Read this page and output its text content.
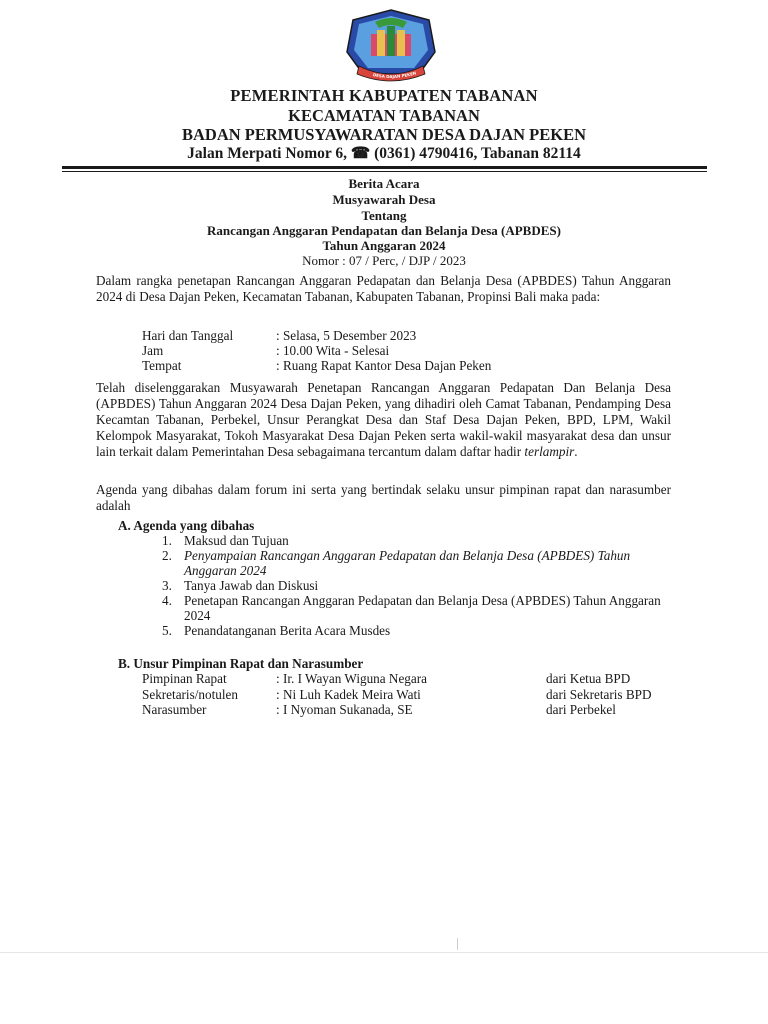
DESA DAJAN PEKEN
PEMERINTAH KABUPATEN TABANAN
KECAMATAN TABANAN
BADAN PERMUSYAWARATAN DESA DAJAN PEKEN
Jalan Merpati Nomor 6, ☎ (0361) 4790416, Tabanan 82114
Berita Acara
Musyawarah Desa
Tentang
Rancangan Anggaran Pendapatan dan Belanja Desa (APBDES)
Tahun Anggaran 2024
Nomor : 07 / Perc, / DJP / 2023
Dalam rangka penetapan Rancangan Anggaran Pedapatan dan Belanja Desa (APBDES) Tahun Anggaran 2024 di Desa Dajan Peken, Kecamatan Tabanan, Kabupaten Tabanan, Propinsi Bali maka pada:
Hari dan Tanggal	: Selasa, 5 Desember 2023
Jam	: 10.00 Wita - Selesai
Tempat	: Ruang Rapat Kantor Desa Dajan Peken
Telah diselenggarakan Musyawarah Penetapan Rancangan Anggaran Pedapatan Dan Belanja Desa (APBDES) Tahun Anggaran 2024 Desa Dajan Peken, yang dihadiri oleh Camat Tabanan, Pendamping Desa Kecamtan Tabanan, Perbekel, Unsur Perangkat Desa dan Staf Desa Dajan Peken, BPD, LPM, Wakil Kelompok Masyarakat, Tokoh Masyarakat Desa Dajan Peken serta wakil-wakil masyarakat desa dan unsur lain terkait dalam Pemerintahan Desa sebagaimana tercantum dalam daftar hadir terlampir.
Agenda yang dibahas dalam forum ini serta yang bertindak selaku unsur pimpinan rapat dan narasumber adalah
A. Agenda yang dibahas
1. Maksud dan Tujuan
2. Penyampaian Rancangan Anggaran Pedapatan dan Belanja Desa (APBDES) Tahun Anggaran 2024
3. Tanya Jawab dan Diskusi
4. Penetapan Rancangan Anggaran Pedapatan dan Belanja Desa (APBDES) Tahun Anggaran 2024
5. Penandatanganan Berita Acara Musdes
B. Unsur Pimpinan Rapat dan Narasumber
Pimpinan Rapat	: Ir. I Wayan Wiguna Negara	dari Ketua BPD
Sekretaris/notulen	: Ni Luh Kadek Meira Wati	dari Sekretaris BPD
Narasumber	: I Nyoman Sukanada, SE	dari Perbekel
